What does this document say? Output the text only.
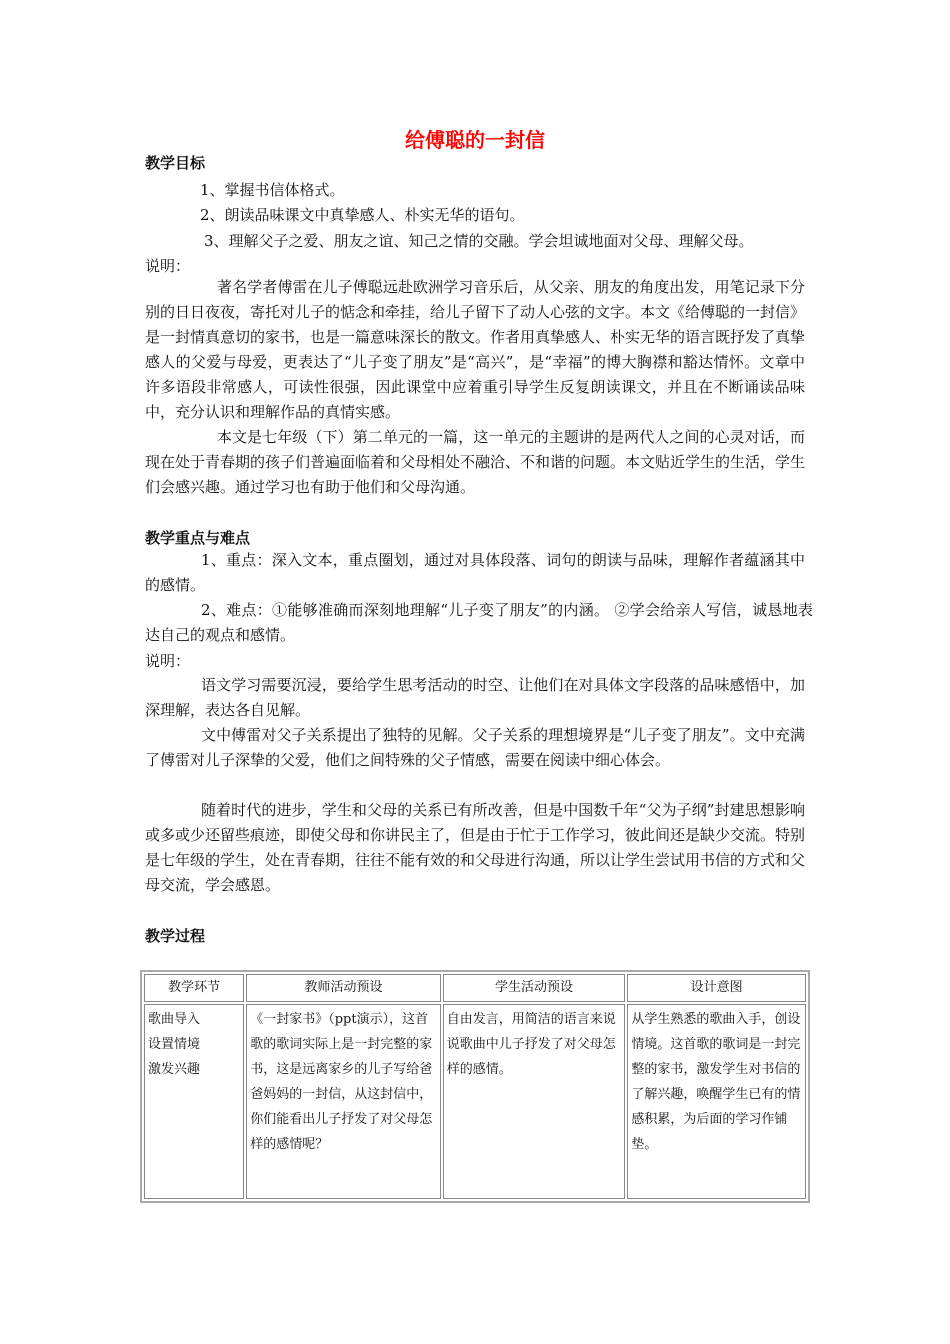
给傅聪的一封信
教学目标
1、掌握书信体格式。
2、朗读品味课文中真挚感人、朴实无华的语句。
3、理解父子之爱、朋友之谊、知己之情的交融。学会坦诚地面对父母、理解父母。
说明：
著名学者傅雷在儿子傅聪远赴欧洲学习音乐后，从父亲、朋友的角度出发，用笔记录下分别的日日夜夜，寄托对儿子的惦念和牵挂，给儿子留下了动人心弦的文字。本文《给傅聪的一封信》是一封情真意切的家书，也是一篇意味深长的散文。作者用真挚感人、朴实无华的语言既抒发了真挚感人的父爱与母爱，更表达了“儿子变了朋友”是“高兴”，是“幸福”的博大胸襟和豁达情怀。文章中许多语段非常感人，可读性很强，因此课堂中应着重引导学生反复朗读课文，并且在不断诵读品味中，充分认识和理解作品的真情实感。
本文是七年级（下）第二单元的一篇，这一单元的主题讲的是两代人之间的心灵对话，而现在处于青春期的孩子们普遍面临着和父母相处不融洽、不和谐的问题。本文贴近学生的生活，学生们会感兴趣。通过学习也有助于他们和父母沟通。
教学重点与难点
1、重点：深入文本，重点圈划，通过对具体段落、词句的朗读与品味，理解作者蕴涵其中的感情。
2、难点：①能够准确而深刻地理解“儿子变了朋友”的内涵。 ②学会给亲人写信，诚恳地表达自己的观点和感情。
说明：
语文学习需要沉浸，要给学生思考活动的时空、让他们在对具体文字段落的品味感悟中，加深理解，表达各自见解。
文中傅雷对父子关系提出了独特的见解。父子关系的理想境界是“儿子变了朋友”。文中充满了傅雷对儿子深挚的父爱，他们之间特殊的父子情感，需要在阅读中细心体会。
随着时代的进步，学生和父母的关系已有所改善，但是中国数千年“父为子纲”封建思想影响或多或少还留些痕迹，即使父母和你讲民主了，但是由于忙于工作学习，彼此间还是缺少交流。特别是七年级的学生，处在青春期，往往不能有效的和父母进行沟通，所以让学生尝试用书信的方式和父母交流，学会感恩。
教学过程
教学环节	教师活动预设	学生活动预设	设计意图

歌曲导入
设置情境
激发兴趣	《一封家书》（ppt演示），这首歌的歌词实际上是一封完整的家书，这是远离家乡的儿子写给爸爸妈妈的一封信，从这封信中，你们能看出儿子抒发了对父母怎样的感情呢？	自由发言，用简洁的语言来说说歌曲中儿子抒发了对父母怎样的感情。	从学生熟悉的歌曲入手，创设情境。这首歌的歌词是一封完整的家书，激发学生对书信的了解兴趣，唤醒学生已有的情感积累，为后面的学习作铺垫。
